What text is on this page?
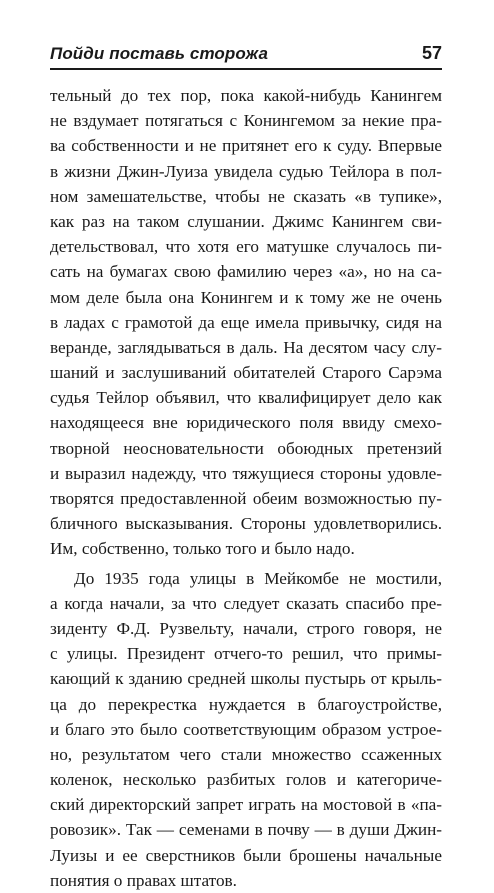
Пойди поставь сторожа	57
тельный до тех пор, пока какой-нибудь Канингем
не вздумает потягаться с Конингемом за некие пра-
ва собственности и не притянет его к суду. Впервые
в жизни Джин-Луиза увидела судью Тейлора в пол-
ном замешательстве, чтобы не сказать «в тупике»,
как раз на таком слушании. Джимс Канингем сви-
детельствовал, что хотя его матушке случалось пи-
сать на бумагах свою фамилию через «а», но на са-
мом деле была она Конингем и к тому же не очень
в ладах с грамотой да еще имела привычку, сидя на
веранде, заглядываться в даль. На десятом часу слу-
шаний и заслушиваний обитателей Старого Сарэма
судья Тейлор объявил, что квалифицирует дело как
находящееся вне юридического поля ввиду смехо-
творной неосновательности обоюдных претензий
и выразил надежду, что тяжущиеся стороны удовле-
творятся предоставленной обеим возможностью пу-
бличного высказывания. Стороны удовлетворились.
Им, собственно, только того и было надо.
До 1935 года улицы в Мейкомбе не мостили,
а когда начали, за что следует сказать спасибо пре-
зиденту Ф.Д. Рузвельту, начали, строго говоря, не
с улицы. Президент отчего-то решил, что примы-
кающий к зданию средней школы пустырь от крыль-
ца до перекрестка нуждается в благоустройстве,
и благо это было соответствующим образом устрое-
но, результатом чего стали множество ссаженных
коленок, несколько разбитых голов и категориче-
ский директорский запрет играть на мостовой в «па-
ровозик». Так — семенами в почву — в души Джин-
Луизы и ее сверстников были брошены начальные
понятия о правах штатов.
